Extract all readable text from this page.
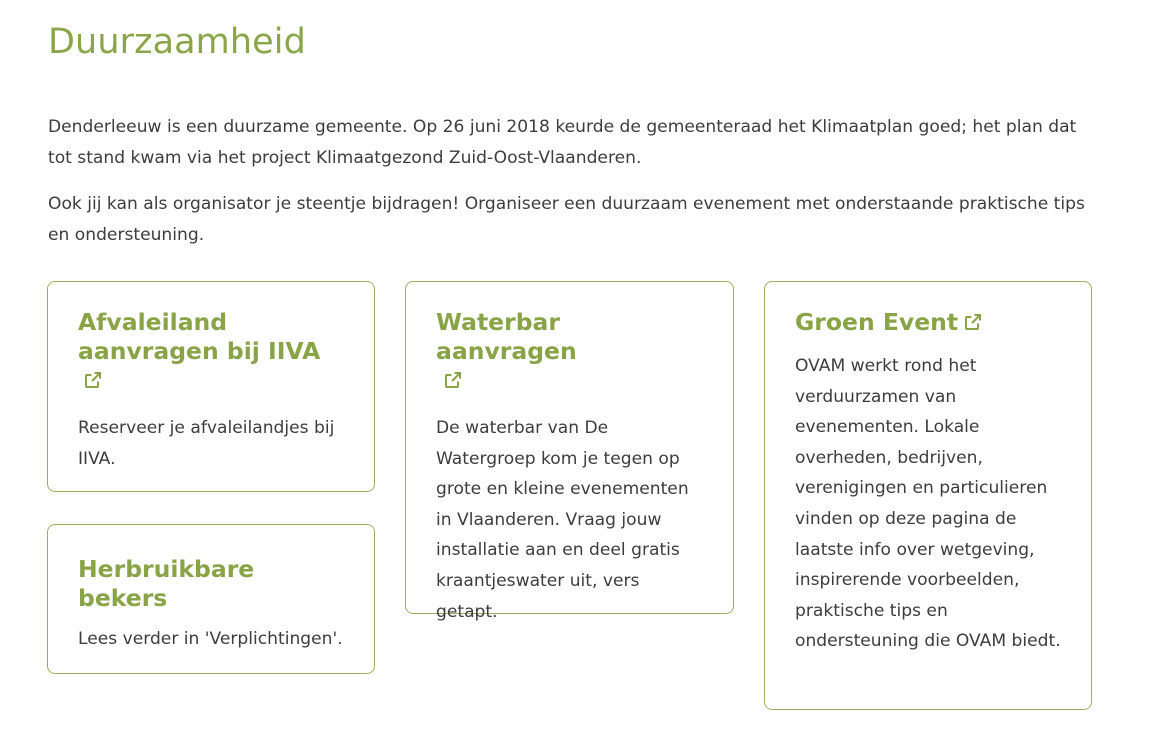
Duurzaamheid

Denderleeuw is een duurzame gemeente. Op 26 juni 2018 keurde de gemeenteraad het Klimaatplan goed; het plan dat tot stand kwam via het project Klimaatgezond Zuid-Oost-Vlaanderen.

Ook jij kan als organisator je steentje bijdragen! Organiseer een duurzaam evenement met onderstaande praktische tips en ondersteuning.

Afvaleiland aanvragen bij IIVA

Reserveer je afvaleilandjes bij IIVA.

Herbruikbare bekers

Lees verder in 'Verplichtingen'.

Waterbar aanvragen

De waterbar van De Watergroep kom je tegen op grote en kleine evenementen in Vlaanderen. Vraag jouw installatie aan en deel gratis kraantjeswater uit, vers getapt.

Groen Event

OVAM werkt rond het verduurzamen van evenementen. Lokale overheden, bedrijven, verenigingen en particulieren vinden op deze pagina de laatste info over wetgeving, inspirerende voorbeelden, praktische tips en ondersteuning die OVAM biedt.
